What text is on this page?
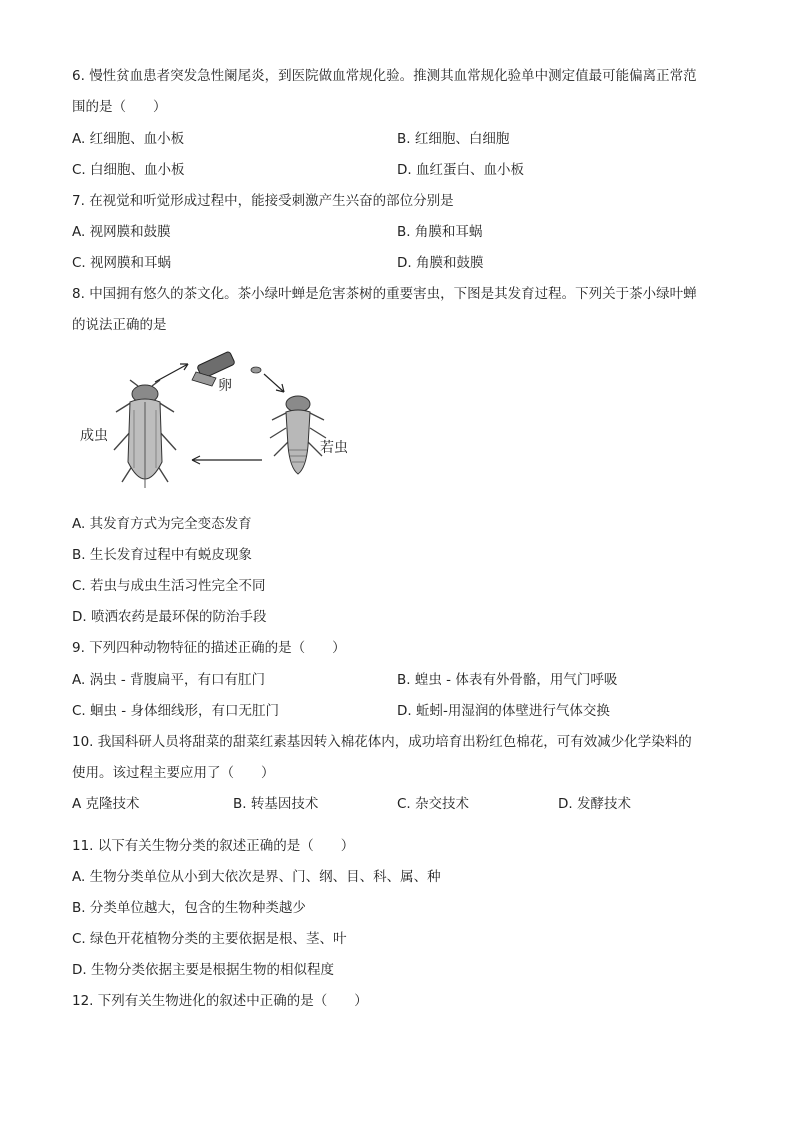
6. 慢性贫血患者突发急性阑尾炎，到医院做血常规化验。推测其血常规化验单中测定值最可能偏离正常范
围的是（　　）
A. 红细胞、血小板	B. 红细胞、白细胞
C. 白细胞、血小板	D. 血红蛋白、血小板
7. 在视觉和听觉形成过程中，能接受刺激产生兴奋的部位分别是
A. 视网膜和鼓膜	B. 角膜和耳蜗
C. 视网膜和耳蜗	D. 角膜和鼓膜
8. 中国拥有悠久的茶文化。茶小绿叶蝉是危害茶树的重要害虫，下图是其发育过程。下列关于茶小绿叶蝉
的说法正确的是
卵
成虫
若虫
A. 其发育方式为完全变态发育
B. 生长发育过程中有蜕皮现象
C. 若虫与成虫生活习性完全不同
D. 喷洒农药是最环保的防治手段
9. 下列四种动物特征的描述正确的是（　　）
A. 涡虫 - 背腹扁平，有口有肛门	B. 蝗虫 - 体表有外骨骼，用气门呼吸
C. 蛔虫 - 身体细线形，有口无肛门	D. 蚯蚓-用湿润的体壁进行气体交换
10. 我国科研人员将甜菜的甜菜红素基因转入棉花体内，成功培育出粉红色棉花，可有效减少化学染料的
使用。该过程主要应用了（　　）
A 克隆技术	B. 转基因技术	C. 杂交技术	D. 发酵技术
11. 以下有关生物分类的叙述正确的是（　　）
A. 生物分类单位从小到大依次是界、门、纲、目、科、属、种
B. 分类单位越大，包含的生物种类越少
C. 绿色开花植物分类的主要依据是根、茎、叶
D. 生物分类依据主要是根据生物的相似程度
12. 下列有关生物进化的叙述中正确的是（　　）
